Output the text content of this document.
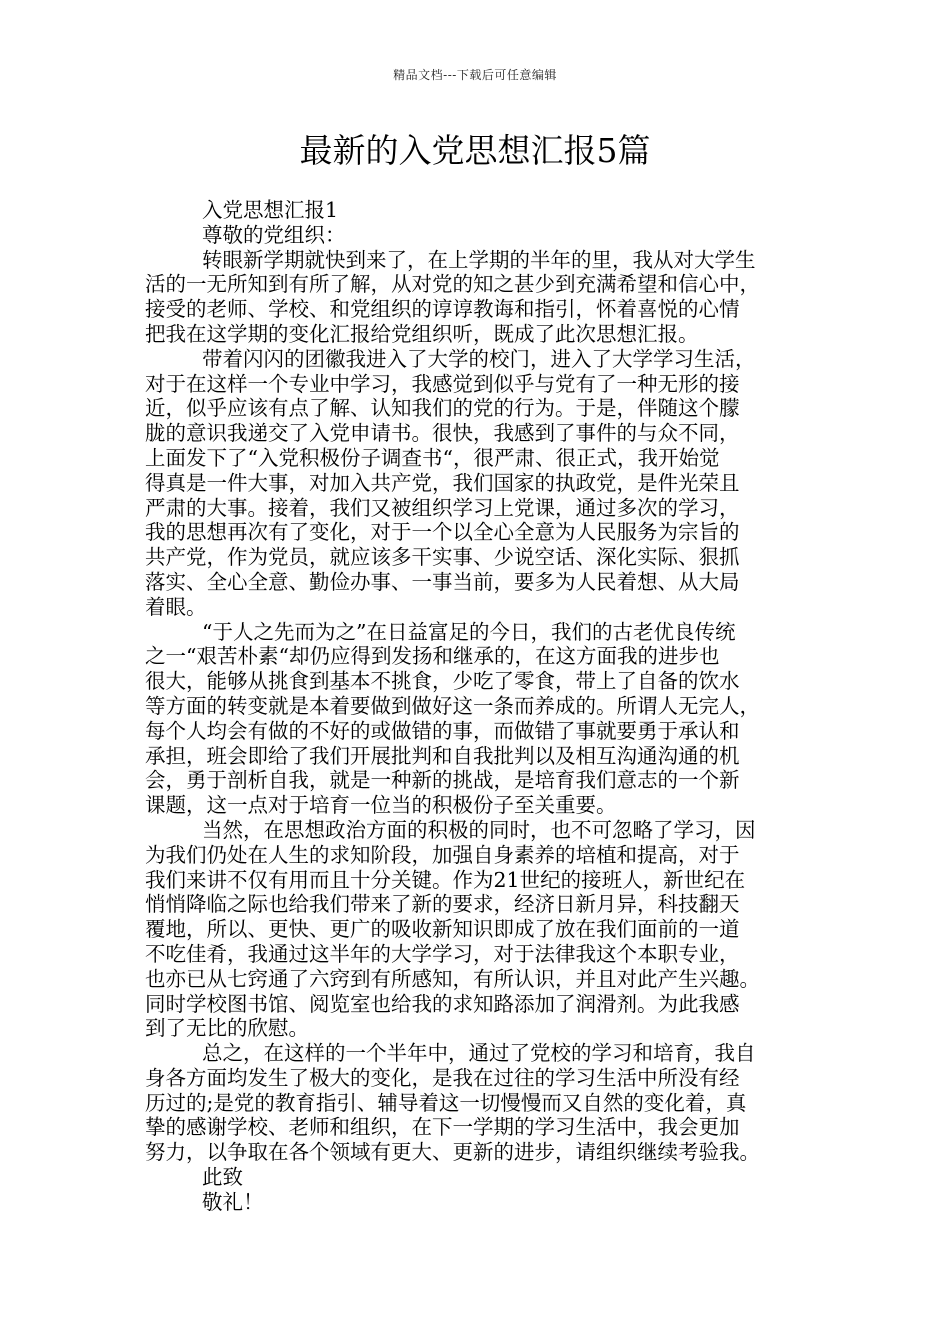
精品文档---下载后可任意编辑
最新的入党思想汇报5篇
入党思想汇报1
尊敬的党组织：
转眼新学期就快到来了，在上学期的半年的里，我从对大学生
活的一无所知到有所了解，从对党的知之甚少到充满希望和信心中，
接受的老师、学校、和党组织的谆谆教诲和指引，怀着喜悦的心情
把我在这学期的变化汇报给党组织听，既成了此次思想汇报。
带着闪闪的团徽我进入了大学的校门，进入了大学学习生活，
对于在这样一个专业中学习，我感觉到似乎与党有了一种无形的接
近，似乎应该有点了解、认知我们的党的行为。于是，伴随这个朦
胧的意识我递交了入党申请书。很快，我感到了事件的与众不同，
上面发下了“入党积极份子调查书“，很严肃、很正式，我开始觉
得真是一件大事，对加入共产党，我们国家的执政党，是件光荣且
严肃的大事。接着，我们又被组织学习上党课，通过多次的学习，
我的思想再次有了变化，对于一个以全心全意为人民服务为宗旨的
共产党，作为党员，就应该多干实事、少说空话、深化实际、狠抓
落实、全心全意、勤俭办事、一事当前，要多为人民着想、从大局
着眼。
“于人之先而为之”在日益富足的今日，我们的古老优良传统
之一“艰苦朴素“却仍应得到发扬和继承的，在这方面我的进步也
很大，能够从挑食到基本不挑食，少吃了零食，带上了自备的饮水
等方面的转变就是本着要做到做好这一条而养成的。所谓人无完人，
每个人均会有做的不好的或做错的事，而做错了事就要勇于承认和
承担，班会即给了我们开展批判和自我批判以及相互沟通沟通的机
会，勇于剖析自我，就是一种新的挑战，是培育我们意志的一个新
课题，这一点对于培育一位当的积极份子至关重要。
当然，在思想政治方面的积极的同时，也不可忽略了学习，因
为我们仍处在人生的求知阶段，加强自身素养的培植和提高，对于
我们来讲不仅有用而且十分关键。作为21世纪的接班人，新世纪在
悄悄降临之际也给我们带来了新的要求，经济日新月异，科技翻天
覆地，所以、更快、更广的吸收新知识即成了放在我们面前的一道
不吃佳肴，我通过这半年的大学学习，对于法律我这个本职专业，
也亦已从七窍通了六窍到有所感知，有所认识，并且对此产生兴趣。
同时学校图书馆、阅览室也给我的求知路添加了润滑剂。为此我感
到了无比的欣慰。
总之，在这样的一个半年中，通过了党校的学习和培育，我自
身各方面均发生了极大的变化，是我在过往的学习生活中所没有经
历过的;是党的教育指引、辅导着这一切慢慢而又自然的变化着，真
挚的感谢学校、老师和组织，在下一学期的学习生活中，我会更加
努力，以争取在各个领域有更大、更新的进步，请组织继续考验我。
此致
敬礼！
